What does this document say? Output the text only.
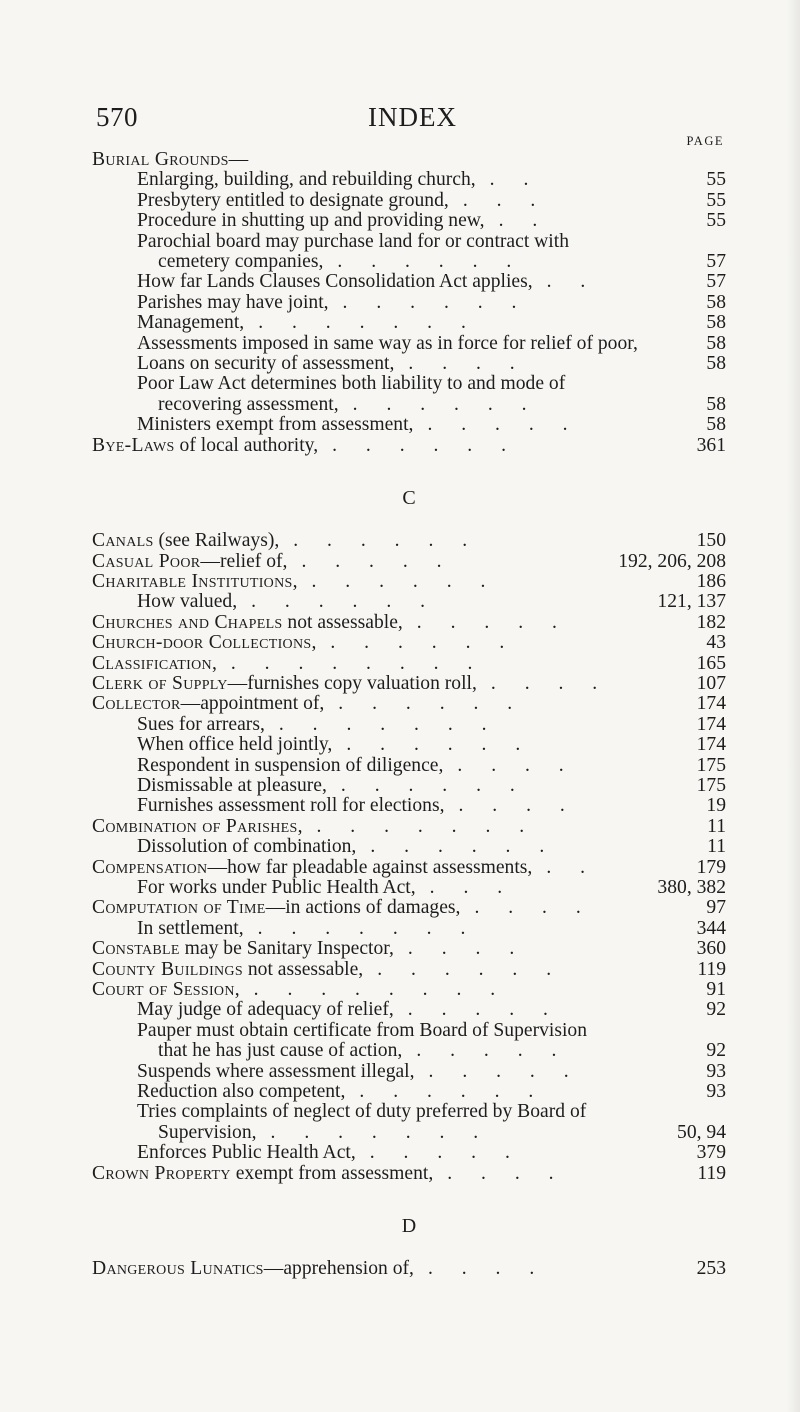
570	INDEX
PAGE
Burial Grounds—
Enlarging, building, and rebuilding church, . .	55
Presbytery entitled to designate ground, . . .	55
Procedure in shutting up and providing new, . .	55
Parochial board may purchase land for or contract with
cemetery companies, . . . . . .	57
How far Lands Clauses Consolidation Act applies, . .	57
Parishes may have joint, . . . . . .	58
Management, . . . . . . .	58
Assessments imposed in same way as in force for relief of poor,	58
Loans on security of assessment, . . . .	58
Poor Law Act determines both liability to and mode of
recovering assessment, . . . . . .	58
Ministers exempt from assessment, . . . . .	58
Bye-Laws of local authority, . . . . . .	361
C
Canals (see Railways), . . . . . .	150
Casual Poor—relief of, . . . . .	192, 206, 208
Charitable Institutions, . . . . . .	186
How valued, . . . . . .	121, 137
Churches and Chapels not assessable, . . . . .	182
Church-door Collections, . . . . . .	43
Classification, . . . . . . . .	165
Clerk of Supply—furnishes copy valuation roll, . . . .	107
Collector—appointment of, . . . . . .	174
Sues for arrears, . . . . . . .	174
When office held jointly, . . . . . .	174
Respondent in suspension of diligence, . . . .	175
Dismissable at pleasure, . . . . . .	175
Furnishes assessment roll for elections, . . . .	19
Combination of Parishes, . . . . . . .	11
Dissolution of combination, . . . . . .	11
Compensation—how far pleadable against assessments, . .	179
For works under Public Health Act, . . .	380, 382
Computation of Time—in actions of damages, . . . .	97
In settlement, . . . . . . .	344
Constable may be Sanitary Inspector, . . . .	360
County Buildings not assessable, . . . . . .	119
Court of Session, . . . . . . . .	91
May judge of adequacy of relief, . . . . .	92
Pauper must obtain certificate from Board of Supervision
that he has just cause of action, . . . . .	92
Suspends where assessment illegal, . . . . .	93
Reduction also competent, . . . . . .	93
Tries complaints of neglect of duty preferred by Board of
Supervision, . . . . . . .	50, 94
Enforces Public Health Act, . . . . .	379
Crown Property exempt from assessment, . . . .	119
D
Dangerous Lunatics—apprehension of, . . . .	253
